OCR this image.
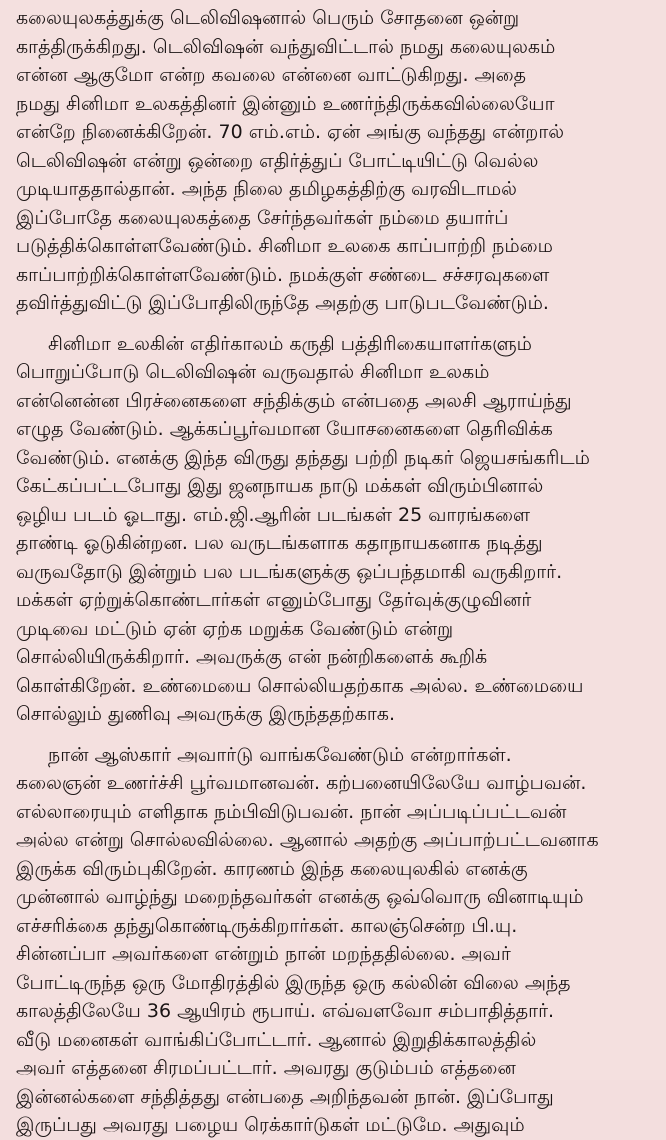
கலையுலகத்துக்கு டெலிவிஷனால் பெரும் சோதனை ஒன்று
காத்திருக்கிறது. டெலிவிஷன் வந்துவிட்டால் நமது கலையுலகம்
என்ன ஆகுமோ என்ற கவலை என்னை வாட்டுகிறது. அதை
நமது சினிமா உலகத்தினர் இன்னும் உணர்ந்திருக்கவில்லையோ
என்றே நினைக்கிறேன். 70 எம்.எம். ஏன் அங்கு வந்தது என்றால்
டெலிவிஷன் என்று ஒன்றை எதிர்த்துப் போட்டியிட்டு வெல்ல
முடியாததால்தான். அந்த நிலை தமிழகத்திற்கு வரவிடாமல்
இப்போதே கலையுலகத்தை சேர்ந்தவர்கள் நம்மை தயார்ப்
படுத்திக்கொள்ளவேண்டும். சினிமா உலகை காப்பாற்றி நம்மை
காப்பாற்றிக்கொள்ளவேண்டும். நமக்குள் சண்டை சச்சரவுகளை
தவிர்த்துவிட்டு இப்போதிலிருந்தே அதற்கு பாடுபடவேண்டும்.
சினிமா உலகின் எதிர்காலம் கருதி பத்திரிகையாளர்களும்
பொறுப்போடு டெலிவிஷன் வருவதால் சினிமா உலகம்
என்னென்ன பிரச்னைகளை சந்திக்கும் என்பதை அலசி ஆராய்ந்து
எழுத வேண்டும். ஆக்கப்பூர்வமான யோசனைகளை தெரிவிக்க
வேண்டும். எனக்கு இந்த விருது தந்தது பற்றி நடிகர் ஜெயசங்கரிடம்
கேட்கப்பட்டபோது இது ஜனநாயக நாடு மக்கள் விரும்பினால்
ஒழிய படம் ஓடாது. எம்.ஜி.ஆரின் படங்கள் 25 வாரங்களை
தாண்டி ஓடுகின்றன. பல வருடங்களாக கதாநாயகனாக நடித்து
வருவதோடு இன்றும் பல படங்களுக்கு ஒப்பந்தமாகி வருகிறார்.
மக்கள் ஏற்றுக்கொண்டார்கள் எனும்போது தேர்வுக்குழுவினர்
முடிவை மட்டும் ஏன் ஏற்க மறுக்க வேண்டும் என்று
சொல்லியிருக்கிறார். அவருக்கு என் நன்றிகளைக் கூறிக்
கொள்கிறேன். உண்மையை சொல்லியதற்காக அல்ல. உண்மையை
சொல்லும் துணிவு அவருக்கு இருந்ததற்காக.
நான் ஆஸ்கார் அவார்டு வாங்கவேண்டும் என்றார்கள்.
கலைஞன் உணர்ச்சி பூர்வமானவன். கற்பனையிலேயே வாழ்பவன்.
எல்லாரையும் எளிதாக நம்பிவிடுபவன். நான் அப்படிப்பட்டவன்
அல்ல என்று சொல்லவில்லை. ஆனால் அதற்கு அப்பாற்பட்டவனாக
இருக்க விரும்புகிறேன். காரணம் இந்த கலையுலகில் எனக்கு
முன்னால் வாழ்ந்து மறைந்தவர்கள் எனக்கு ஒவ்வொரு வினாடியும்
எச்சரிக்கை தந்துகொண்டிருக்கிறார்கள். காலஞ்சென்ற பி.யு.
சின்னப்பா அவர்களை என்றும் நான் மறந்ததில்லை. அவர்
போட்டிருந்த ஒரு மோதிரத்தில் இருந்த ஒரு கல்லின் விலை அந்த
காலத்திலேயே 36 ஆயிரம் ரூபாய். எவ்வளவோ சம்பாதித்தார்.
வீடு மனைகள் வாங்கிப்போட்டார். ஆனால் இறுதிக்காலத்தில்
அவர் எத்தனை சிரமப்பட்டார். அவரது குடும்பம் எத்தனை
இன்னல்களை சந்தித்தது என்பதை அறிந்தவன் நான். இப்போது
இருப்பது அவரது பழைய ரெக்கார்டுகள் மட்டுமே. அதுவும்
